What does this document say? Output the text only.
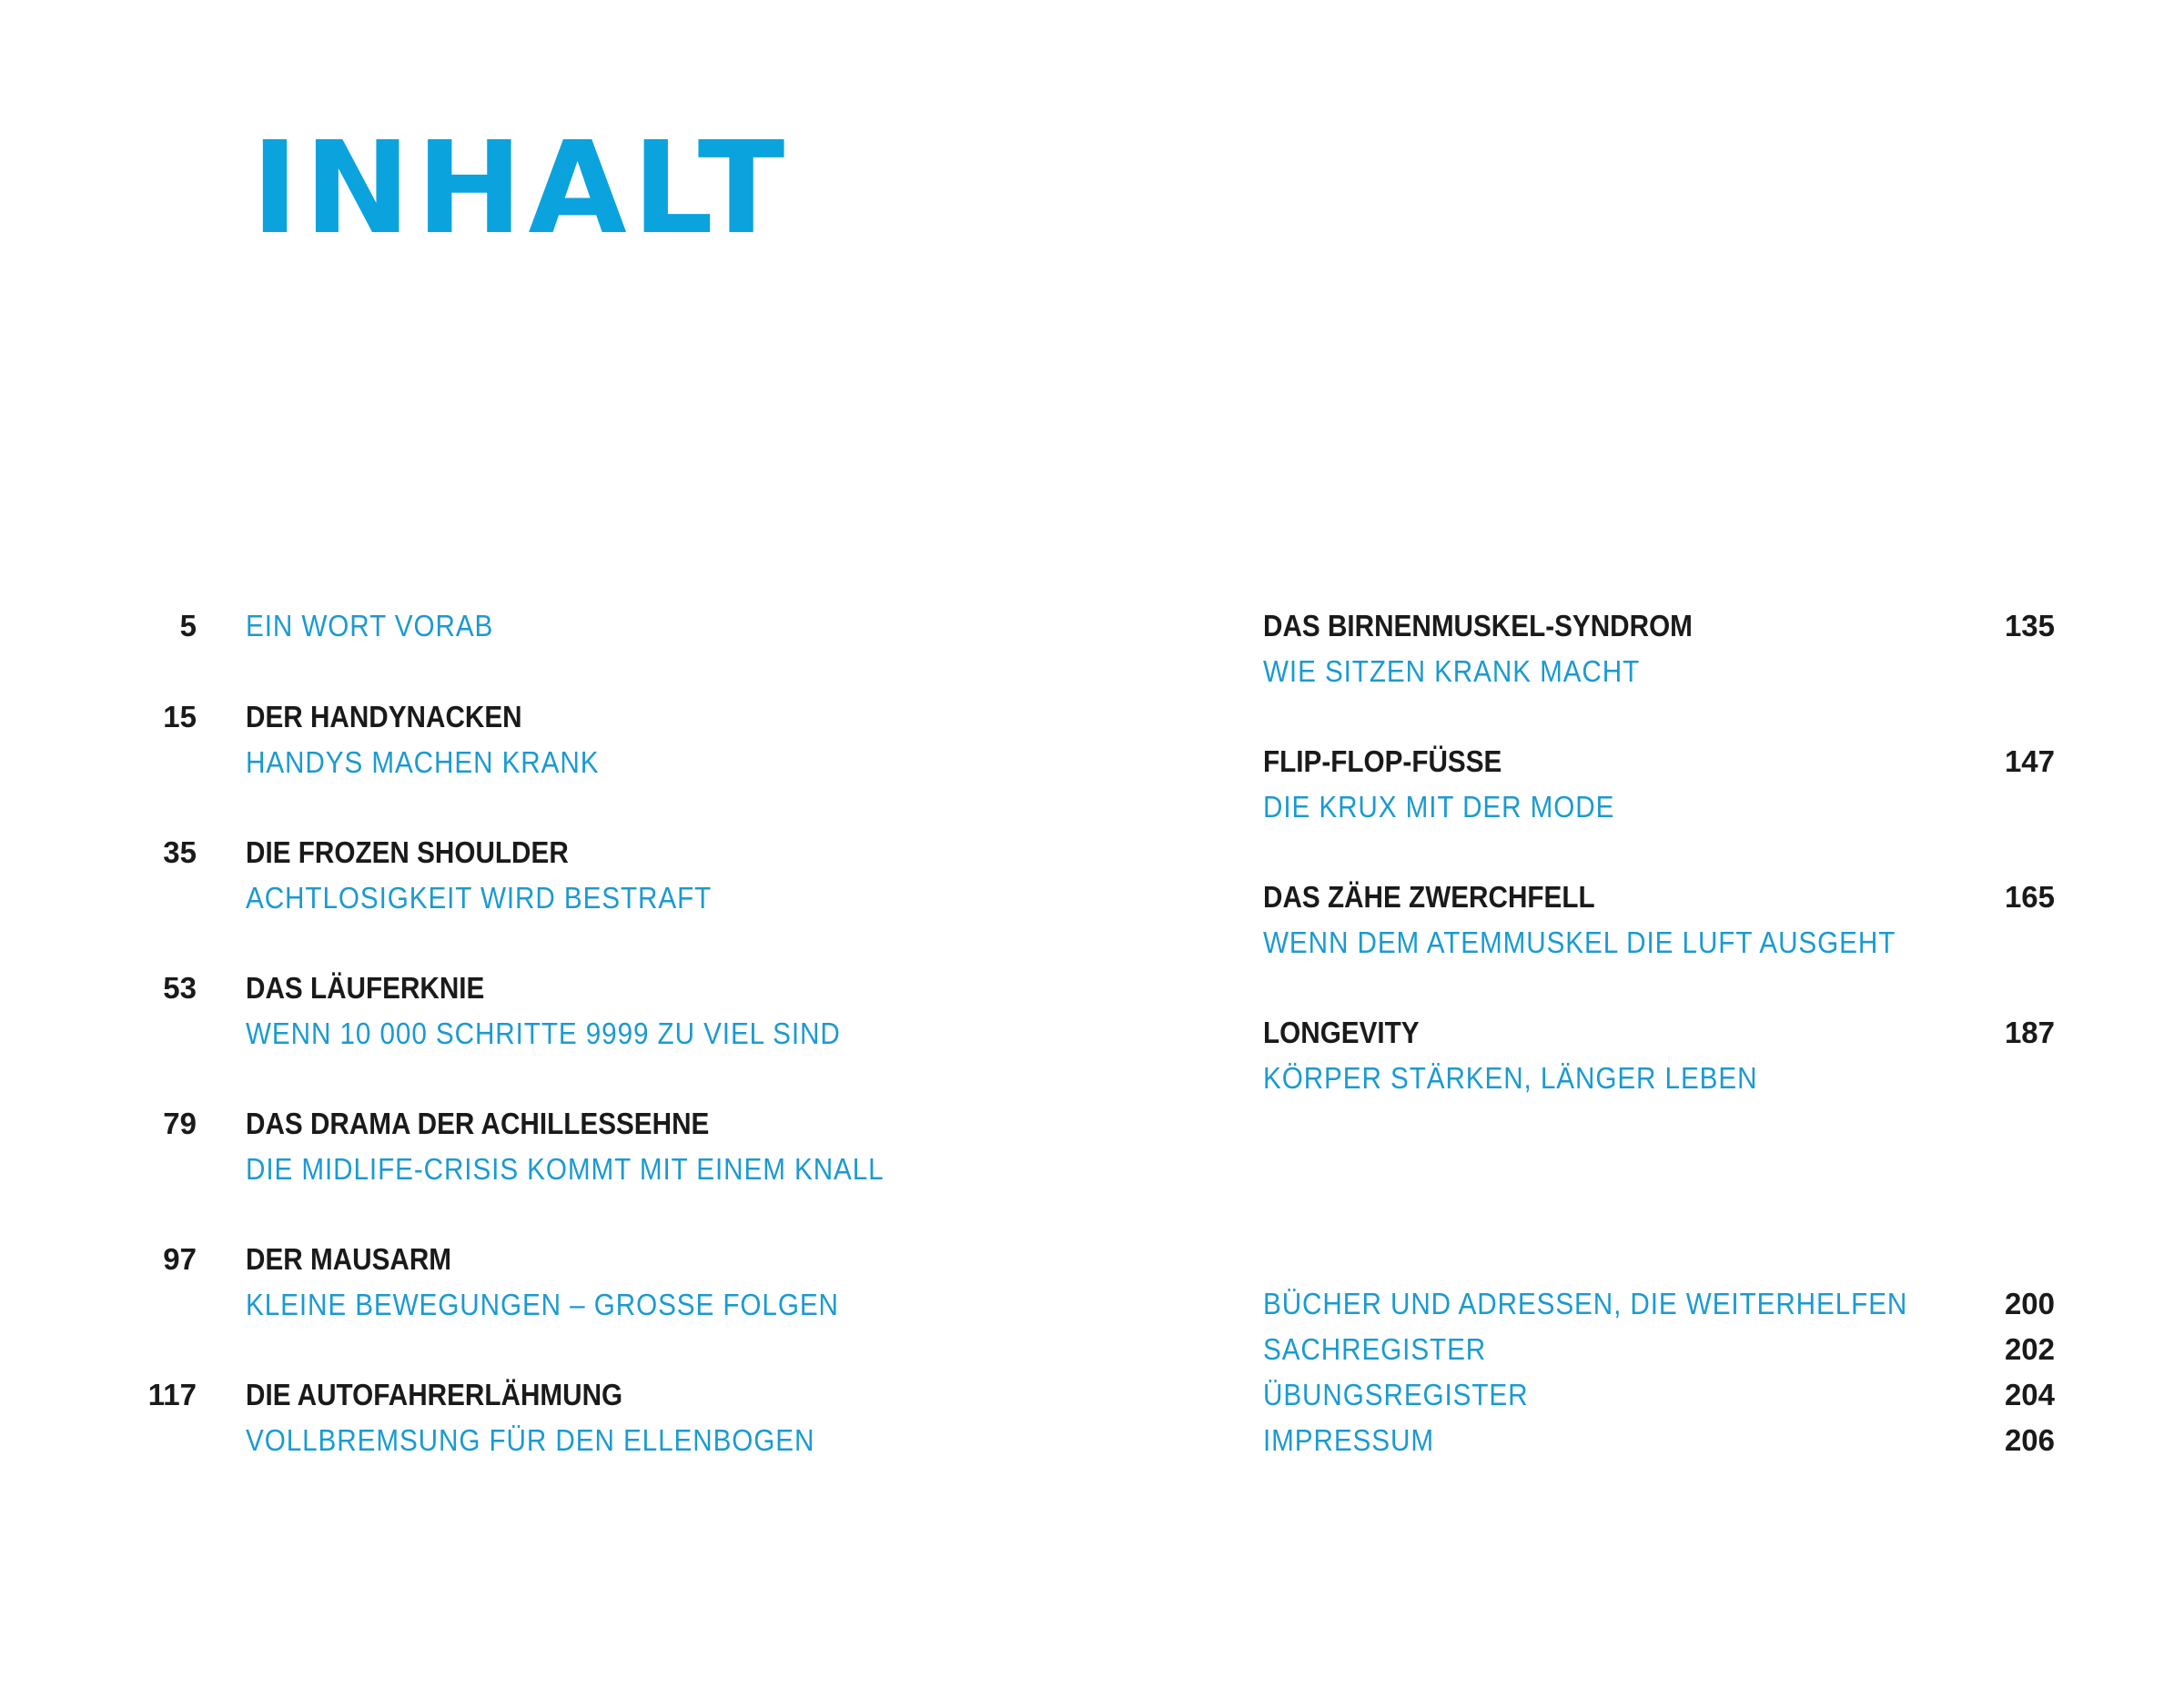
INHALT
5 EIN WORT VORAB
15 DER HANDYNACKEN
HANDYS MACHEN KRANK
35 DIE FROZEN SHOULDER
ACHTLOSIGKEIT WIRD BESTRAFT
53 DAS LÄUFERKNIE
WENN 10 000 SCHRITTE 9999 ZU VIEL SIND
79 DAS DRAMA DER ACHILLESSEHNE
DIE MIDLIFE-CRISIS KOMMT MIT EINEM KNALL
97 DER MAUSARM
KLEINE BEWEGUNGEN – GROSSE FOLGEN
117 DIE AUTOFAHRERLÄHMUNG
VOLLBREMSUNG FÜR DEN ELLENBOGEN
DAS BIRNENMUSKEL-SYNDROM	135
WIE SITZEN KRANK MACHT
FLIP-FLOP-FÜSSE	147
DIE KRUX MIT DER MODE
DAS ZÄHE ZWERCHFELL	165
WENN DEM ATEMMUSKEL DIE LUFT AUSGEHT
LONGEVITY	187
KÖRPER STÄRKEN, LÄNGER LEBEN
BÜCHER UND ADRESSEN, DIE WEITERHELFEN	200
SACHREGISTER	202
ÜBUNGSREGISTER	204
IMPRESSUM	206
